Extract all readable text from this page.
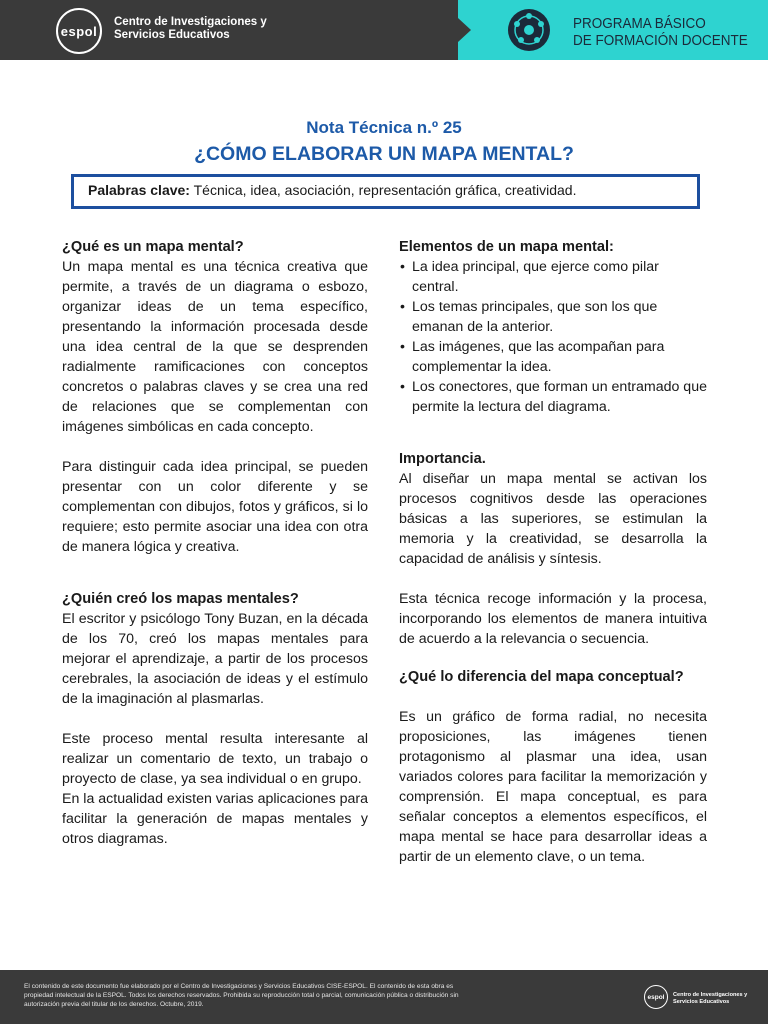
espol
Centro de Investigaciones y
Servicios Educativos
PROGRAMA BÁSICO
DE FORMACIÓN DOCENTE
Nota Técnica n.º 25
¿CÓMO ELABORAR UN MAPA MENTAL?
Palabras clave: Técnica, idea, asociación, representación gráfica, creatividad.
¿Qué es un mapa mental?

Un mapa mental es una técnica creativa que permite, a través de un diagrama o esbozo, organizar ideas de un tema específico, presentando la información procesada desde una idea central de la que se desprenden radialmente ramificaciones con conceptos concretos o palabras claves y se crea una red de relaciones que se complementan con imágenes simbólicas en cada concepto.

Para distinguir cada idea principal, se pueden presentar con un color diferente y se complementan con dibujos, fotos y gráficos, si lo requiere; esto permite asociar una idea con otra de manera lógica y creativa.

¿Quién creó los mapas mentales?

El escritor y psicólogo Tony Buzan, en la década de los 70, creó los mapas mentales para mejorar el aprendizaje, a partir de los procesos cerebrales, la asociación de ideas y el estímulo de la imaginación al plasmarlas.

Este proceso mental resulta interesante al realizar un comentario de texto, un trabajo o proyecto de clase, ya sea individual o en grupo.

En la actualidad existen varias aplicaciones para facilitar la generación de mapas mentales y otros diagramas.

Elementos de un mapa mental:
• La idea principal, que ejerce como pilar central.
• Los temas principales, que son los que emanan de la anterior.
• Las imágenes, que las acompañan para complementar la idea.
• Los conectores, que forman un entramado que permite la lectura del diagrama.
Importancia.

Al diseñar un mapa mental se activan los procesos cognitivos desde las operaciones básicas a las superiores, se estimulan la memoria y la creatividad, se desarrolla la capacidad de análisis y síntesis.

Esta técnica recoge información y la procesa, incorporando los elementos de manera intuitiva de acuerdo a la relevancia o secuencia.

¿Qué lo diferencia del mapa conceptual?

Es un gráfico de forma radial, no necesita proposiciones, las imágenes tienen protagonismo al plasmar una idea, usan variados colores para facilitar la memorización y comprensión. El mapa conceptual, es para señalar conceptos a elementos específicos, el mapa mental se hace para desarrollar ideas a partir de un elemento clave, o un tema.

El contenido de este documento fue elaborado por el Centro de Investigaciones y Servicios Educativos CISE-ESPOL. El contenido de esta obra es propiedad intelectual de la ESPOL. Todos los derechos reservados. Prohibida su reproducción total o parcial, comunicación pública o distribución sin autorización previa del titular de los derechos. Octubre, 2019.
espol Centro de Investigaciones y
Servicios Educativos
